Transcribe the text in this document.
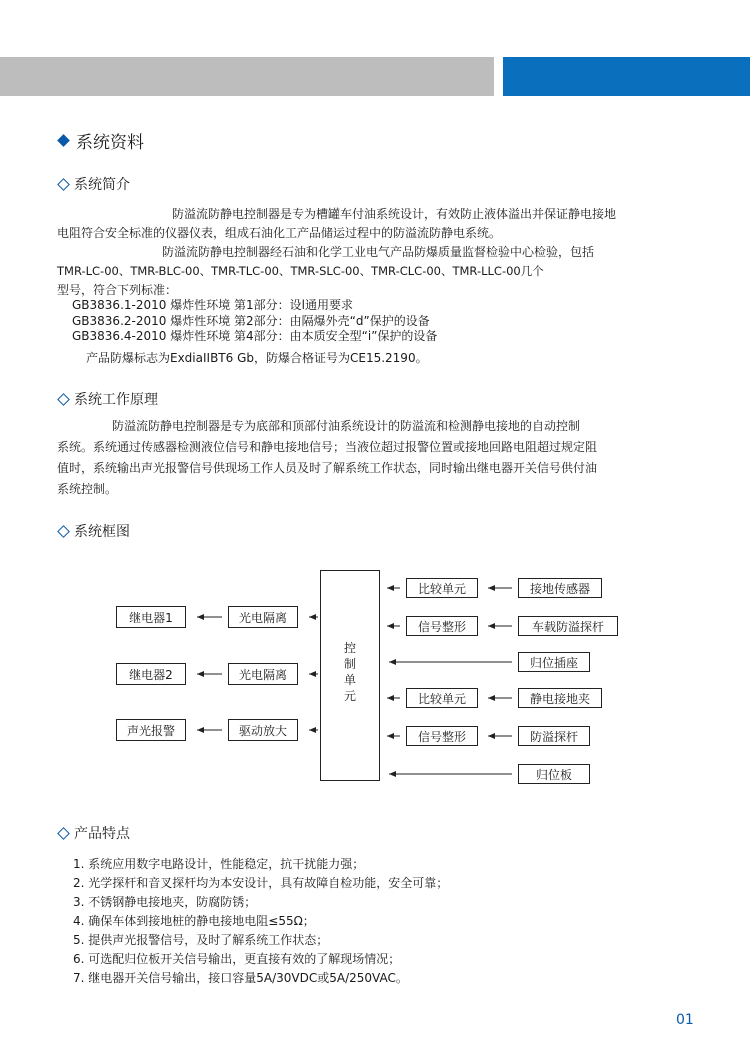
系统资料
系统简介
防溢流防静电控制器是专为槽罐车付油系统设计，有效防止液体溢出并保证静电接地
电阻符合安全标准的仪器仪表，组成石油化工产品储运过程中的防溢流防静电系统。
防溢流防静电控制器经石油和化学工业电气产品防爆质量监督检验中心检验，包括
TMR-LC-00、TMR-BLC-00、TMR-TLC-00、TMR-SLC-00、TMR-CLC-00、TMR-LLC-00几个
型号，符合下列标准：
GB3836.1-2010 爆炸性环境 第1部分：设l通用要求
GB3836.2-2010 爆炸性环境 第2部分：由隔爆外壳“d”保护的设备
GB3836.4-2010 爆炸性环境 第4部分：由本质安全型“i”保护的设备
产品防爆标志为ExdiaIIBT6 Gb，防爆合格证号为CE15.2190。
系统工作原理
防溢流防静电控制器是专为底部和顶部付油系统设计的防溢流和检测静电接地的自动控制
系统。系统通过传感器检测液位信号和静电接地信号；当液位超过报警位置或接地回路电阻超过规定阻
值时，系统输出声光报警信号供现场工作人员及时了解系统工作状态，同时输出继电器开关信号供付油
系统控制。
系统框图
控制单元
继电器1
继电器2
声光报警
光电隔离
光电隔离
驱动放大
比较单元
信号整形
比较单元
信号整形
接地传感器
车载防溢探杆
归位插座
静电接地夹
防溢探杆
归位板
产品特点
1. 系统应用数字电路设计，性能稳定，抗干扰能力强；
2. 光学探杆和音叉探杆均为本安设计，具有故障自检功能，安全可靠；
3. 不锈钢静电接地夹，防腐防锈；
4. 确保车体到接地桩的静电接地电阻≤55Ω；
5. 提供声光报警信号，及时了解系统工作状态；
6. 可选配归位板开关信号输出，更直接有效的了解现场情况；
7. 继电器开关信号输出，接口容量5A/30VDC或5A/250VAC。
01
